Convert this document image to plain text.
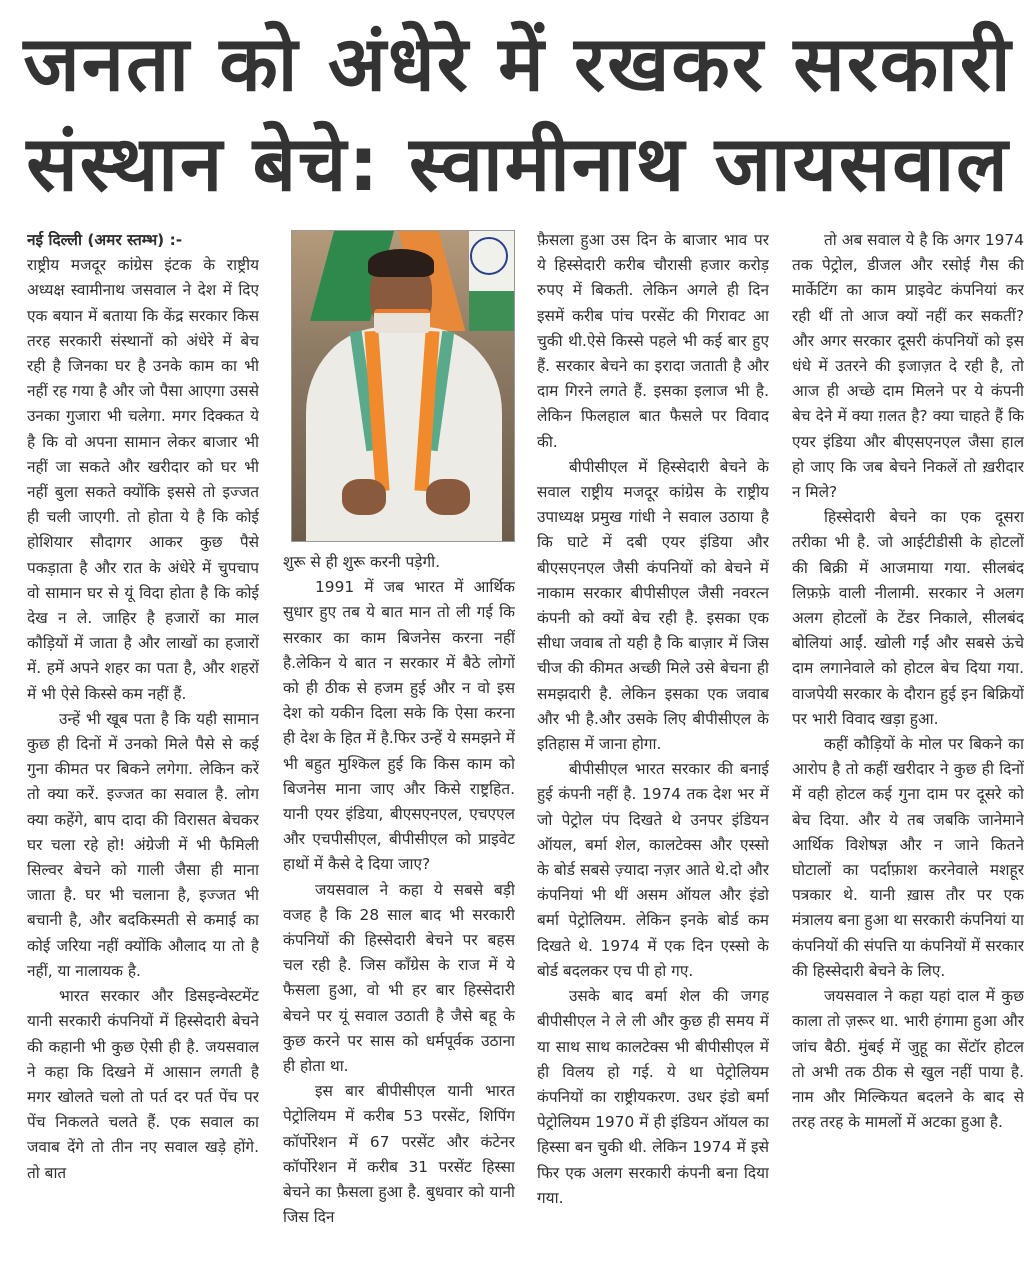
जनता को अंधेरे में रखकर सरकारी
संस्थान बेचे: स्वामीनाथ जायसवाल

नई दिल्ली (अमर स्तम्भ) :-
राष्ट्रीय मजदूर कांग्रेस इंटक के राष्ट्रीय अध्यक्ष स्वामीनाथ जसवाल ने देश में दिए एक बयान में बताया कि केंद्र सरकार किस तरह सरकारी संस्थानों को अंधेरे में बेच रही है जिनका घर है उनके काम का भी नहीं रह गया है और जो पैसा आएगा उससे उनका गुजारा भी चलेगा. मगर दिक्कत ये है कि वो अपना सामान लेकर बाजार भी नहीं जा सकते और खरीदार को घर भी नहीं बुला सकते क्योंकि इससे तो इज्जत ही चली जाएगी. तो होता ये है कि कोई होशियार सौदागर आकर कुछ पैसे पकड़ाता है और रात के अंधेरे में चुपचाप वो सामान घर से यूं विदा होता है कि कोई देख न ले. जाहिर है हजारों का माल कौड़ियों में जाता है और लाखों का हजारों में. हमें अपने शहर का पता है, और शहरों में भी ऐसे किस्से कम नहीं हैं.

उन्हें भी खूब पता है कि यही सामान कुछ ही दिनों में उनको मिले पैसे से कई गुना कीमत पर बिकने लगेगा. लेकिन करें तो क्या करें. इज्जत का सवाल है. लोग क्या कहेंगे, बाप दादा की विरासत बेचकर घर चला रहे हो! अंग्रेजी में भी फैमिली सिल्वर बेचने को गाली जैसा ही माना जाता है. घर भी चलाना है, इज्जत भी बचानी है, और बदकिस्मती से कमाई का कोई जरिया नहीं क्योंकि औलाद या तो है नहीं, या नालायक है.

भारत सरकार और डिसइन्वेस्टमेंट यानी सरकारी कंपनियों में हिस्सेदारी बेचने की कहानी भी कुछ ऐसी ही है. जयसवाल ने कहा कि दिखने में आसान लगती है मगर खोलते चलो तो पर्त दर पर्त पेंच पर पेंच निकलते चलते हैं. एक सवाल का जवाब देंगे तो तीन नए सवाल खड़े होंगे. तो बात

शुरू से ही शुरू करनी पड़ेगी.

1991 में जब भारत में आर्थिक सुधार हुए तब ये बात मान तो ली गई कि सरकार का काम बिजनेस करना नहीं है.लेकिन ये बात न सरकार में बैठे लोगों को ही ठीक से हजम हुई और न वो इस देश को यकीन दिला सके कि ऐसा करना ही देश के हित में है.फिर उन्हें ये समझने में भी बहुत मुश्किल हुई कि किस काम को बिजनेस माना जाए और किसे राष्ट्रहित. यानी एयर इंडिया, बीएसएनएल, एचएएल और एचपीसीएल, बीपीसीएल को प्राइवेट हाथों में कैसे दे दिया जाए?

जयसवाल ने कहा ये सबसे बड़ी वजह है कि 28 साल बाद भी सरकारी कंपनियों की हिस्सेदारी बेचने पर बहस चल रही है. जिस कॉंग्रेस के राज में ये फैसला हुआ, वो भी हर बार हिस्सेदारी बेचने पर यूं सवाल उठाती है जैसे बहू के कुछ करने पर सास को धर्मपूर्वक उठाना ही होता था.

इस बार बीपीसीएल यानी भारत पेट्रोलियम में करीब 53 परसेंट, शिपिंग कॉर्पोरेशन में 67 परसेंट और कंटेनर कॉर्पोरेशन में करीब 31 परसेंट हिस्सा बेचने का फ़ैसला हुआ है. बुधवार को यानी जिस दिन

फ़ैसला हुआ उस दिन के बाजार भाव पर ये हिस्सेदारी करीब चौरासी हजार करोड़ रुपए में बिकती. लेकिन अगले ही दिन इसमें करीब पांच परसेंट की गिरावट आ चुकी थी.ऐसे किस्से पहले भी कई बार हुए हैं. सरकार बेचने का इरादा जताती है और दाम गिरने लगते हैं. इसका इलाज भी है. लेकिन फिलहाल बात फैसले पर विवाद की.

बीपीसीएल में हिस्सेदारी बेचने के सवाल राष्ट्रीय मजदूर कांग्रेस के राष्ट्रीय उपाध्यक्ष प्रमुख गांधी ने सवाल उठाया है कि घाटे में दबी एयर इंडिया और बीएसएनएल जैसी कंपनियों को बेचने में नाकाम सरकार बीपीसीएल जैसी नवरत्न कंपनी को क्यों बेच रही है. इसका एक सीधा जवाब तो यही है कि बाज़ार में जिस चीज की कीमत अच्छी मिले उसे बेचना ही समझदारी है. लेकिन इसका एक जवाब और भी है.और उसके लिए बीपीसीएल के इतिहास में जाना होगा.

बीपीसीएल भारत सरकार की बनाई हुई कंपनी नहीं है. 1974 तक देश भर में जो पेट्रोल पंप दिखते थे उनपर इंडियन ऑयल, बर्मा शेल, कालटेक्स और एस्सो के बोर्ड सबसे ज़्यादा नज़र आते थे.दो और कंपनियां भी थीं असम ऑयल और इंडो बर्मा पेट्रोलियम. लेकिन इनके बोर्ड कम दिखते थे. 1974 में एक दिन एस्सो के बोर्ड बदलकर एच पी हो गए.

उसके बाद बर्मा शेल की जगह बीपीसीएल ने ले ली और कुछ ही समय में या साथ साथ कालटेक्स भी बीपीसीएल में ही विलय हो गई. ये था पेट्रोलियम कंपनियों का राष्ट्रीयकरण. उधर इंडो बर्मा पेट्रोलियम 1970 में ही इंडियन ऑयल का हिस्सा बन चुकी थी. लेकिन 1974 में इसे फिर एक अलग सरकारी कंपनी बना दिया गया.

तो अब सवाल ये है कि अगर 1974 तक पेट्रोल, डीजल और रसोई गैस की मार्केटिंग का काम प्राइवेट कंपनियां कर रही थीं तो आज क्यों नहीं कर सकतीं? और अगर सरकार दूसरी कंपनियों को इस धंधे में उतरने की इजाज़त दे रही है, तो आज ही अच्छे दाम मिलने पर ये कंपनी बेच देने में क्या ग़लत है? क्या चाहते हैं कि एयर इंडिया और बीएसएनएल जैसा हाल हो जाए कि जब बेचने निकलें तो ख़रीदार न मिले?

हिस्सेदारी बेचने का एक दूसरा तरीका भी है. जो आईटीडीसी के होटलों की बिक्री में आजमाया गया. सीलबंद लिफ़फ़े वाली नीलामी. सरकार ने अलग अलग होटलों के टेंडर निकाले, सीलबंद बोलियां आईं. खोली गईं और सबसे ऊंचे दाम लगानेवाले को होटल बेच दिया गया. वाजपेयी सरकार के दौरान हुई इन बिक्रियों पर भारी विवाद खड़ा हुआ.

कहीं कौड़ियों के मोल पर बिकने का आरोप है तो कहीं खरीदार ने कुछ ही दिनों में वही होटल कई गुना दाम पर दूसरे को बेच दिया. और ये तब जबकि जानेमाने आर्थिक विशेषज्ञ और न जाने कितने घोटालों का पर्दाफ़ाश करनेवाले मशहूर पत्रकार थे. यानी ख़ास तौर पर एक मंत्रालय बना हुआ था सरकारी कंपनियां या कंपनियों की संपत्ति या कंपनियों में सरकार की हिस्सेदारी बेचने के लिए.

जयसवाल ने कहा यहां दाल में कुछ काला तो ज़रूर था. भारी हंगामा हुआ और जांच बैठी. मुंबई में जुहू का सेंटॉर होटल तो अभी तक ठीक से खुल नहीं पाया है. नाम और मिल्कियत बदलने के बाद से तरह तरह के मामलों में अटका हुआ है.
